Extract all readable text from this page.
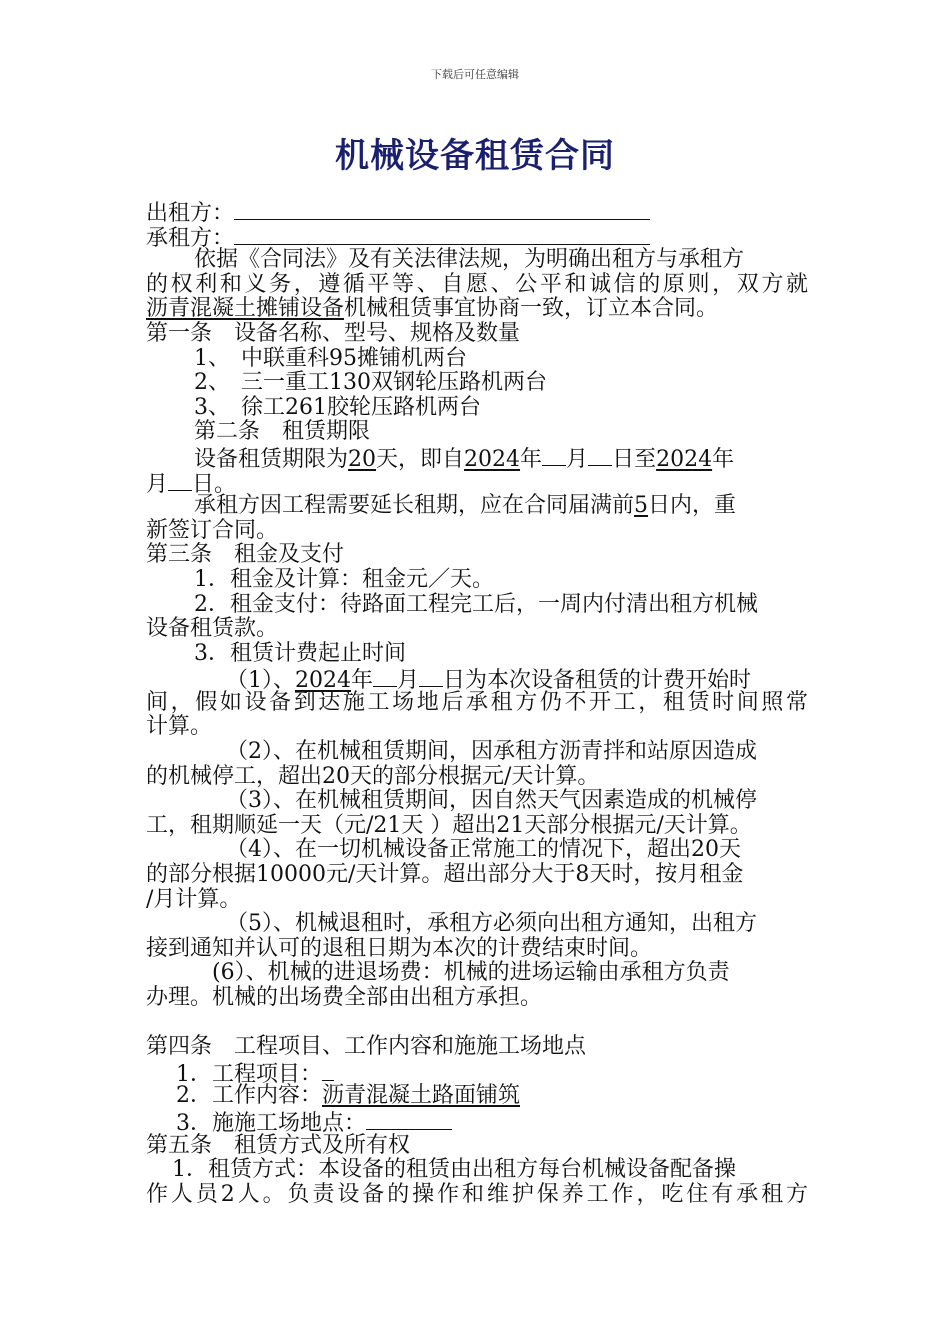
下载后可任意编辑
机械设备租赁合同
出租方：
承租方：
依据《合同法》及有关法律法规，为明确出租方与承租方
的权利和义务，遵循平等、自愿、公平和诚信的原则，双方就
沥青混凝土摊铺设备机械租赁事宜协商一致，订立本合同。
第一条　设备名称、型号、规格及数量
1、　中联重科95摊铺机两台
2、　三一重工130双钢轮压路机两台
3、　徐工261胶轮压路机两台
第二条　租赁期限
设备租赁期限为20天，即自2024年 月 日至2024年
月 日。
承租方因工程需要延长租期，应在合同届满前5日内，重
新签订合同。
第三条　租金及支付
1．租金及计算：租金元／天。
2．租金支付：待路面工程完工后，一周内付清出租方机械
设备租赁款。
3．租赁计费起止时间
（1）、2024年 月 日为本次设备租赁的计费开始时
间，假如设备到达施工场地后承租方仍不开工，租赁时间照常
计算。
（2）、在机械租赁期间，因承租方沥青拌和站原因造成
的机械停工，超出20天的部分根据元/天计算。
（3）、在机械租赁期间，因自然天气因素造成的机械停
工，租期顺延一天（元/21天 ）超出21天部分根据元/天计算。
（4）、在一切机械设备正常施工的情况下，超出20天
的部分根据10000元/天计算。超出部分大于8天时，按月租金
/月计算。
（5）、机械退租时，承租方必须向出租方通知，出租方
接到通知并认可的退租日期为本次的计费结束时间。
(6）、机械的进退场费：机械的进场运输由承租方负责
办理。机械的出场费全部由出租方承担。
第四条　工程项目、工作内容和施施工场地点
1．工程项目：
2．工作内容：沥青混凝土路面铺筑
3．施施工场地点：
第五条　租赁方式及所有权
1．租赁方式：本设备的租赁由出租方每台机械设备配备操
作人员2人。负责设备的操作和维护保养工作，吃住有承租方
